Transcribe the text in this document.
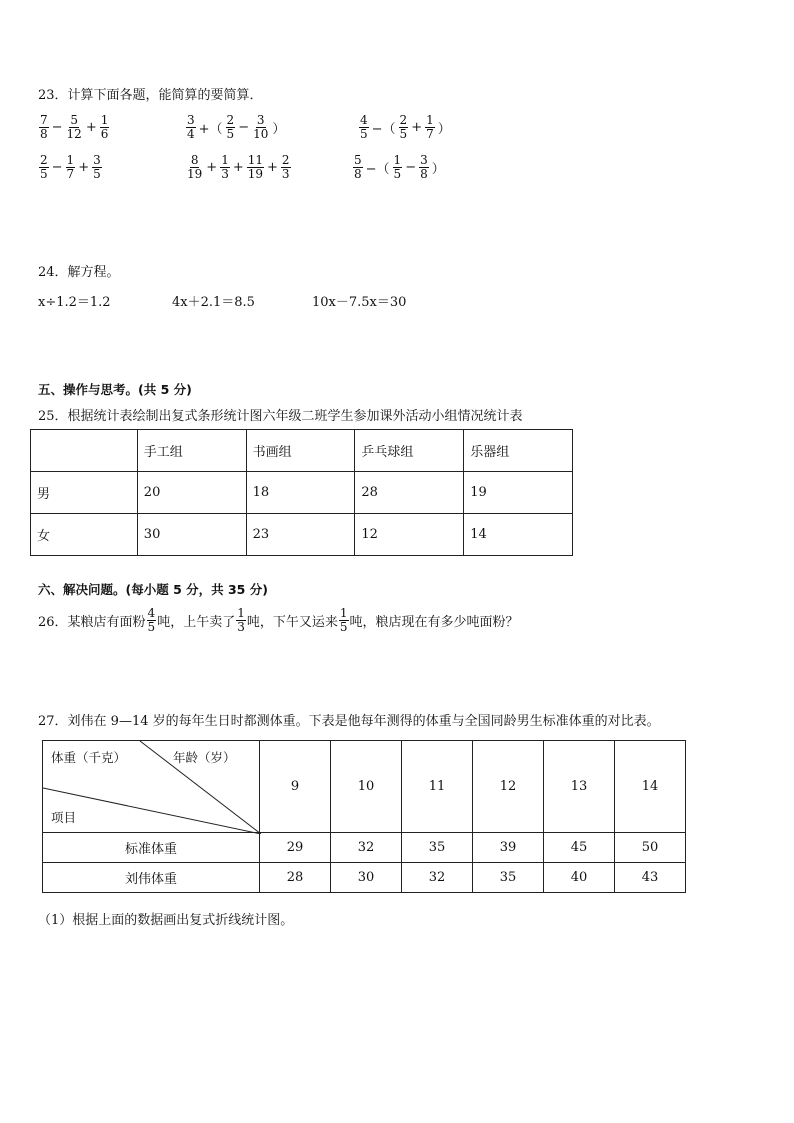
23．计算下面各题，能简算的要简算．
$\frac{7}{8} - \frac{5}{12} + \frac{1}{6}$	$\frac{3}{4}$ +（ $\frac{2}{5} - \frac{3}{10}$ ）	$\frac{4}{5}$ −（ $\frac{2}{5} + \frac{1}{7}$ ）
$\frac{2}{5} - \frac{1}{7} + \frac{3}{5}$	$\frac{8}{19} + \frac{1}{3} + \frac{11}{19} + \frac{2}{3}$	$\frac{5}{8}$ −（ $\frac{1}{5} - \frac{3}{8}$ ）
24．解方程。
x÷1.2＝1.2	4x＋2.1＝8.5	10x－7.5x＝30
五、操作与思考。(共 5 分)
25．根据统计表绘制出复式条形统计图六年级二班学生参加课外活动小组情况统计表
	手工组	书画组	乒乓球组	乐器组
男	20	18	28	19
女	30	23	12	14
六、解决问题。(每小题 5 分，共 35 分)
26．某粮店有面粉 $\frac{4}{5}$ 吨，上午卖了 $\frac{1}{3}$ 吨，下午又运来 $\frac{1}{5}$ 吨，粮店现在有多少吨面粉？
27．刘伟在 9—14 岁的每年生日时都测体重。下表是他每年测得的体重与全国同龄男生标准体重的对比表。
体重（千克） 年龄（岁）
项目	9	10	11	12	13	14
标准体重	29	32	35	39	45	50
刘伟体重	28	30	32	35	40	43
（1）根据上面的数据画出复式折线统计图。
